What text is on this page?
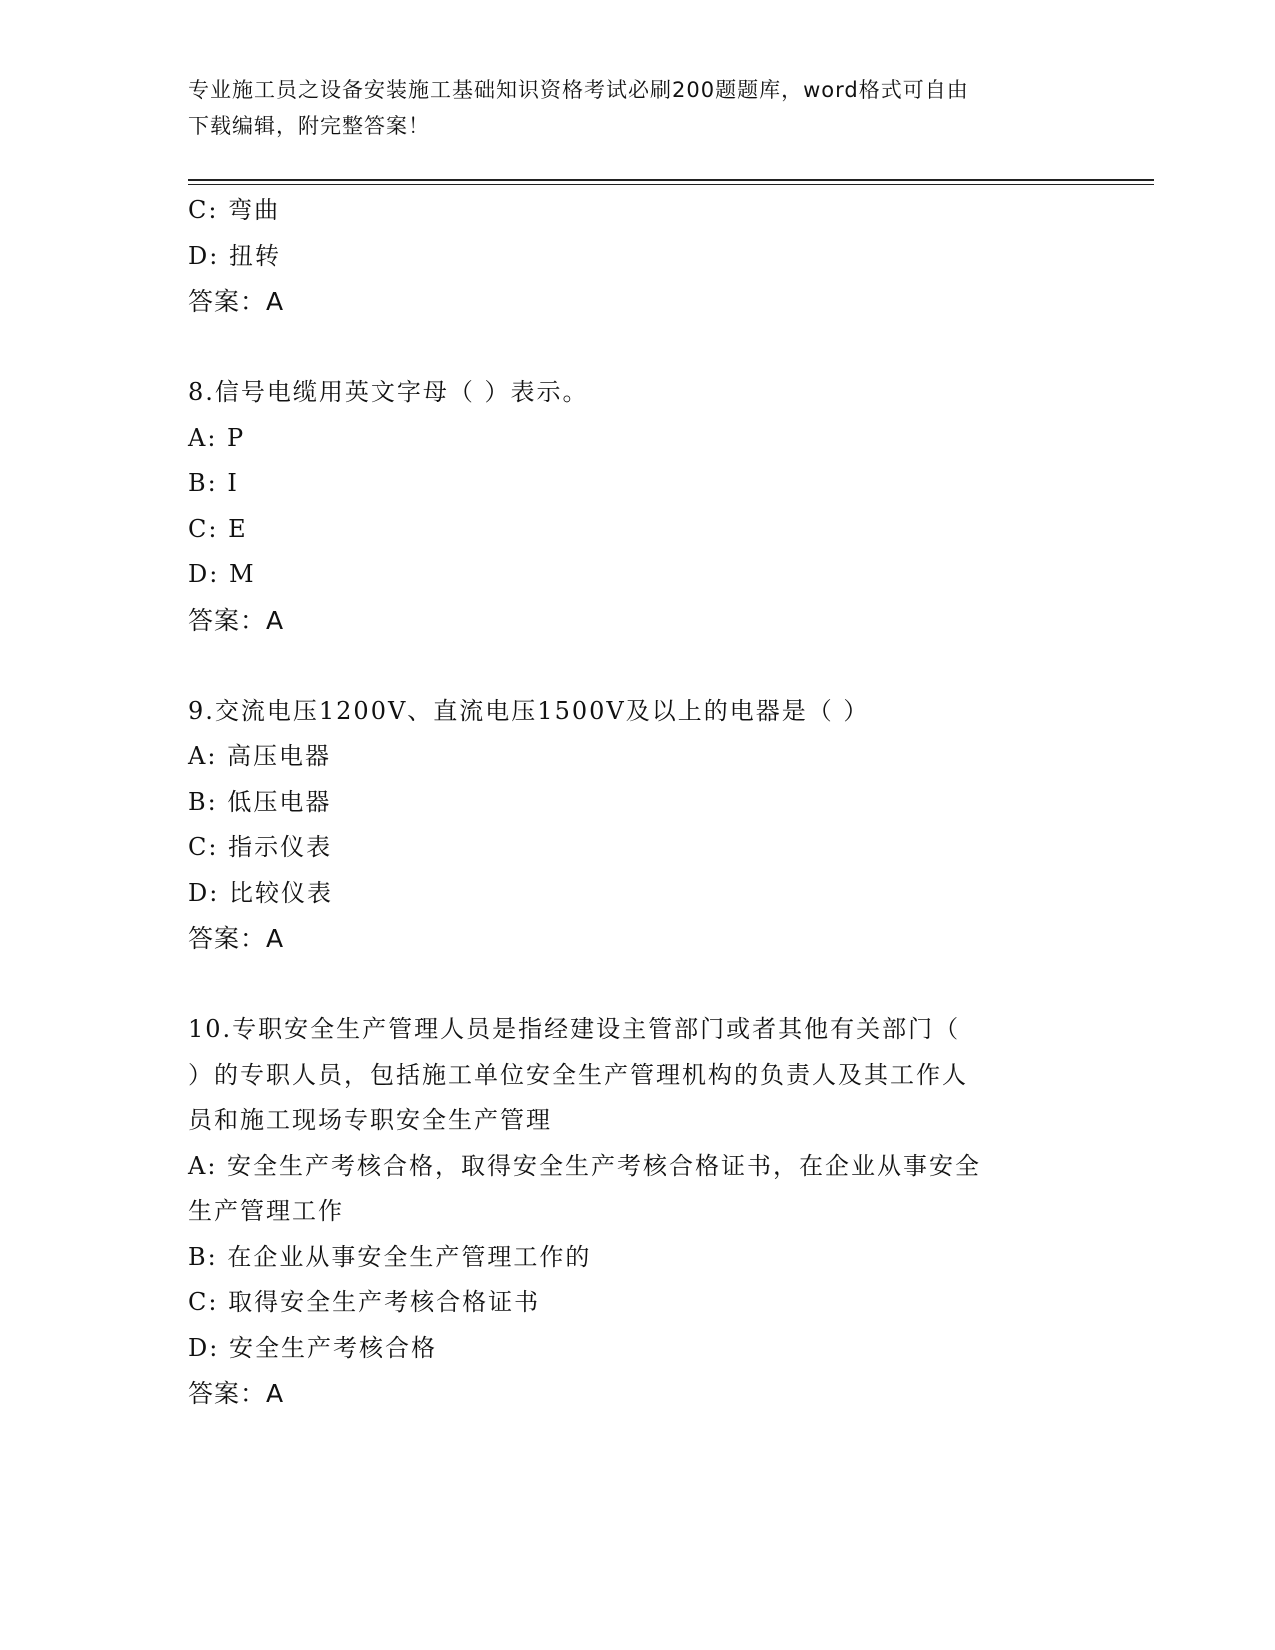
专业施工员之设备安装施工基础知识资格考试必刷200题题库，word格式可自由
下载编辑，附完整答案！
C: 弯曲
D: 扭转
答案：A
8.信号电缆用英文字母（ ）表示。
A: P
B: I
C: E
D: M
答案：A
9.交流电压1200V、直流电压1500V及以上的电器是（ ）
A: 高压电器
B: 低压电器
C: 指示仪表
D: 比较仪表
答案：A
10.专职安全生产管理人员是指经建设主管部门或者其他有关部门（
）的专职人员，包括施工单位安全生产管理机构的负责人及其工作人
员和施工现场专职安全生产管理
A: 安全生产考核合格，取得安全生产考核合格证书，在企业从事安全
生产管理工作
B: 在企业从事安全生产管理工作的
C: 取得安全生产考核合格证书
D: 安全生产考核合格
答案：A
